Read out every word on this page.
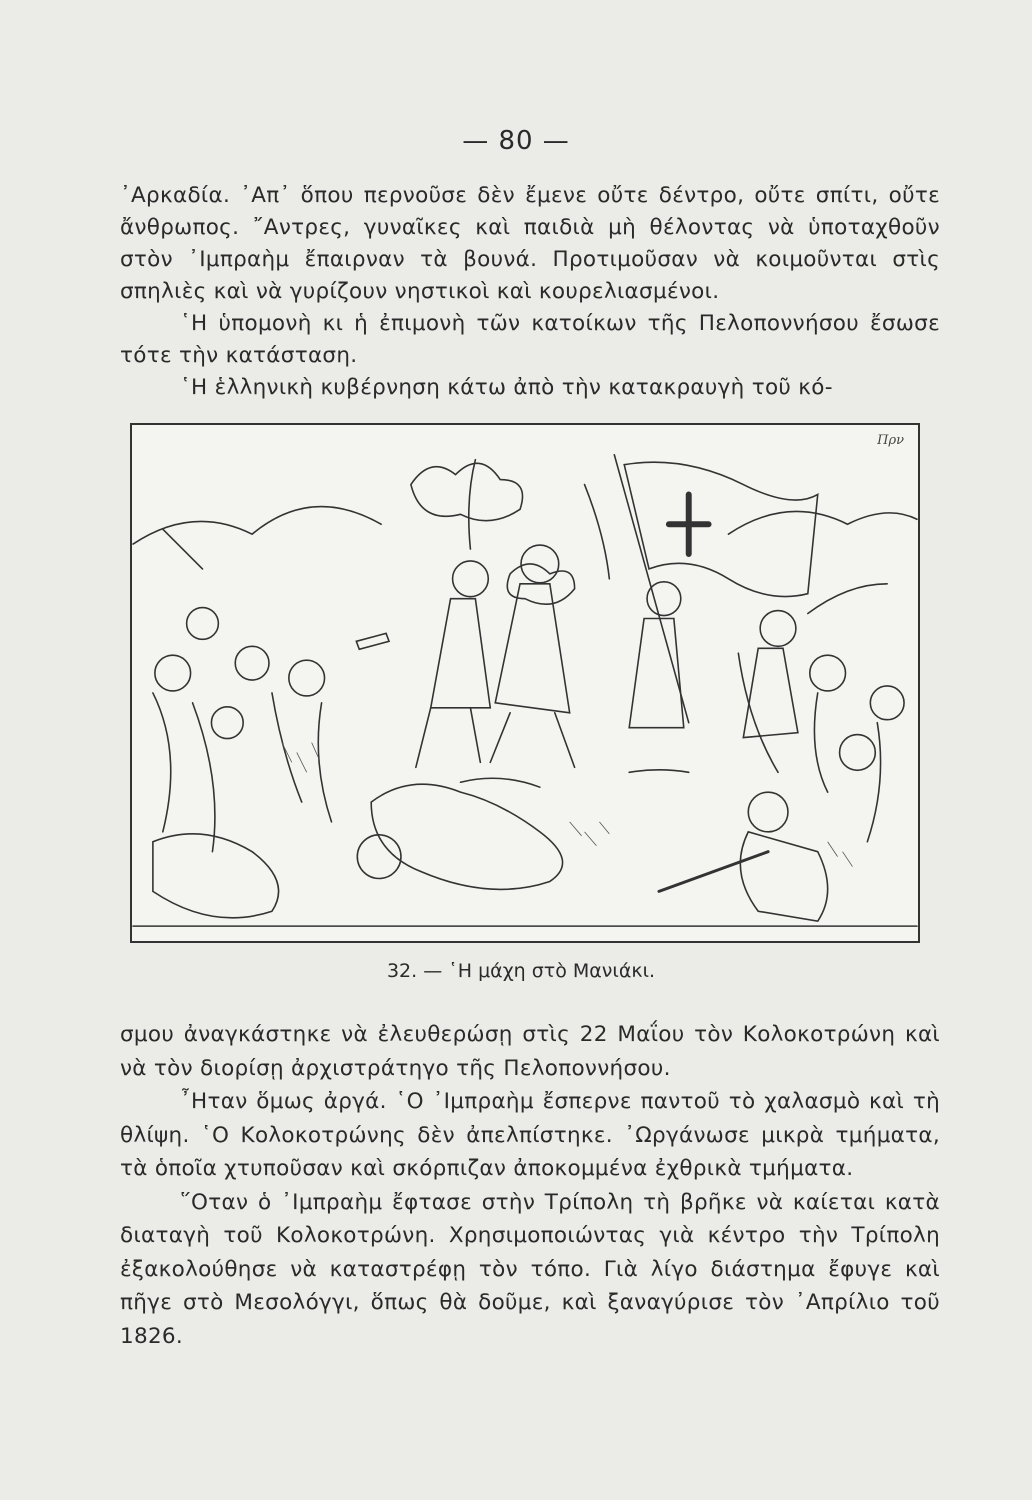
— 80 —

᾿Αρκαδία. ᾿Απ᾿ ὅπου περνοῦσε δὲν ἔμενε οὔτε δέντρο, οὔτε σπίτι, οὔτε ἄνθρωπος. ῎Αντρες, γυναῖκες καὶ παιδιὰ μὴ θέλοντας νὰ ὑποταχθοῦν στὸν ᾿Ιμπραὴμ ἔπαιρναν τὰ βουνά. Προτιμοῦσαν νὰ κοιμοῦνται στὶς σπηλιὲς καὶ νὰ γυρίζουν νηστικοὶ καὶ κουρελιασμένοι.

῾Η ὑπομονὴ κι ἡ ἐπιμονὴ τῶν κατοίκων τῆς Πελοποννήσου ἔσωσε τότε τὴν κατάσταση.

῾Η ἑλληνικὴ κυβέρνηση κάτω ἀπὸ τὴν κατακραυγὴ τοῦ κό-

Πρν
32. — ῾Η μάχη στὸ Μανιάκι.

σμου ἀναγκάστηκε νὰ ἐλευθερώσῃ στὶς 22 Μαΐου τὸν Κολοκοτρώνη καὶ νὰ τὸν διορίσῃ ἀρχιστράτηγο τῆς Πελοποννήσου.

῏Ηταν ὅμως ἀργά. ῾Ο ᾿Ιμπραὴμ ἔσπερνε παντοῦ τὸ χαλασμὸ καὶ τὴ θλίψη. ῾Ο Κολοκοτρώνης δὲν ἀπελπίστηκε. ᾿Ωργάνωσε μικρὰ τμήματα, τὰ ὁποῖα χτυποῦσαν καὶ σκόρπιζαν ἀποκομμένα ἐχθρικὰ τμήματα.

῞Οταν ὁ ᾿Ιμπραὴμ ἔφτασε στὴν Τρίπολη τὴ βρῆκε νὰ καίεται κατὰ διαταγὴ τοῦ Κολοκοτρώνη. Χρησιμοποιώντας γιὰ κέντρο τὴν Τρίπολη ἐξακολούθησε νὰ καταστρέφῃ τὸν τόπο. Γιὰ λίγο διάστημα ἔφυγε καὶ πῆγε στὸ Μεσολόγγι, ὅπως θὰ δοῦμε, καὶ ξαναγύρισε τὸν ᾿Απρίλιο τοῦ 1826.
